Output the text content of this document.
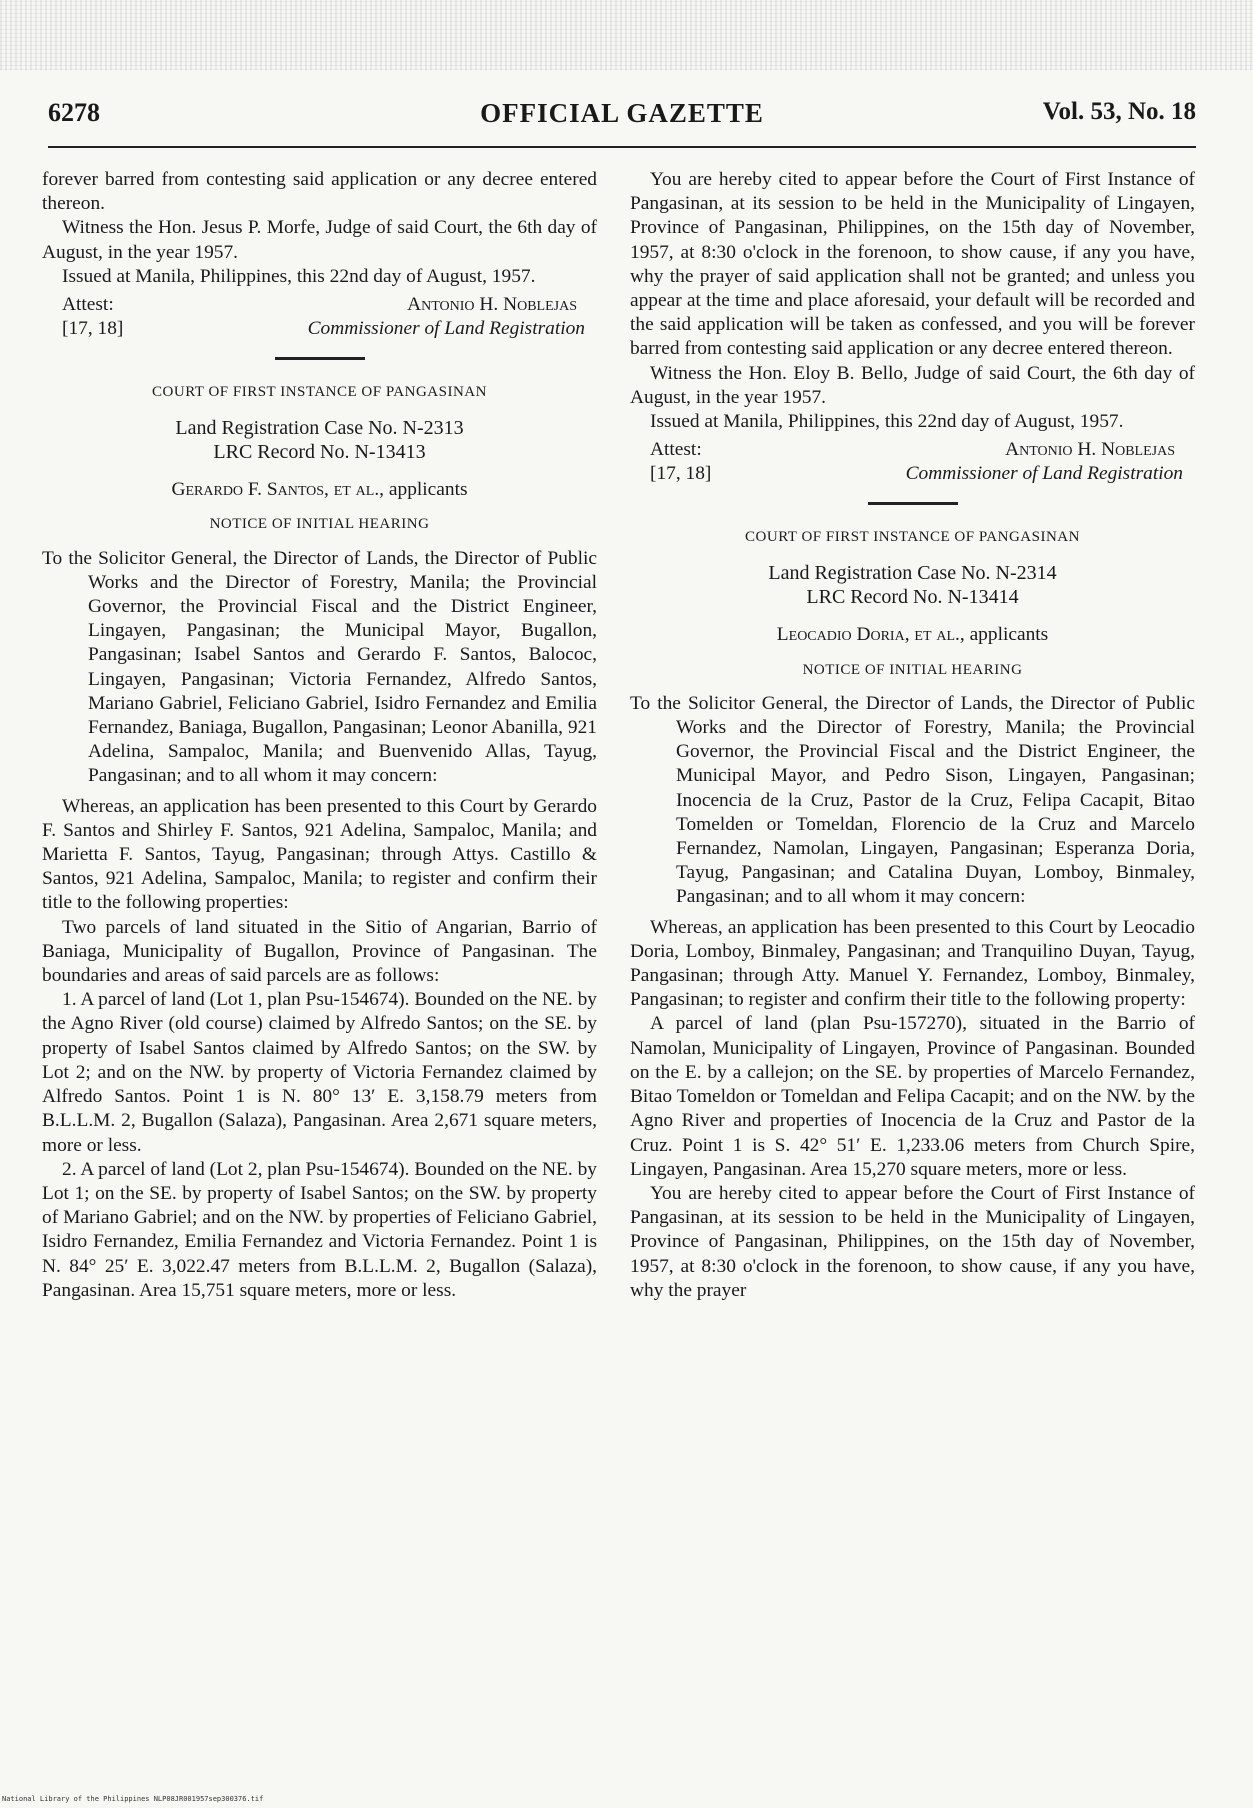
6278	OFFICIAL GAZETTE	Vol. 53, No. 18

forever barred from contesting said application or any decree entered thereon.

Witness the Hon. Jesus P. Morfe, Judge of said Court, the 6th day of August, in the year 1957.

Issued at Manila, Philippines, this 22nd day of August, 1957.

Attest:
[17, 18]
Antonio H. Noblejas
Commissioner of Land Registration
COURT OF FIRST INSTANCE OF PANGASINAN
Land Registration Case No. N-2313
LRC Record No. N-13413
Gerardo F. Santos, et al., applicants
NOTICE OF INITIAL HEARING

To the Solicitor General, the Director of Lands, the Director of Public Works and the Director of Forestry, Manila; the Provincial Governor, the Provincial Fiscal and the District Engineer, Lingayen, Pangasinan; the Municipal Mayor, Bugallon, Pangasinan; Isabel Santos and Gerardo F. Santos, Balococ, Lingayen, Pangasinan; Victoria Fernandez, Alfredo Santos, Mariano Gabriel, Feliciano Gabriel, Isidro Fernandez and Emilia Fernandez, Baniaga, Bugallon, Pangasinan; Leonor Abanilla, 921 Adelina, Sampaloc, Manila; and Buenvenido Allas, Tayug, Pangasinan; and to all whom it may concern:

Whereas, an application has been presented to this Court by Gerardo F. Santos and Shirley F. Santos, 921 Adelina, Sampaloc, Manila; and Marietta F. Santos, Tayug, Pangasinan; through Attys. Castillo & Santos, 921 Adelina, Sampaloc, Manila; to register and confirm their title to the following properties:

Two parcels of land situated in the Sitio of Angarian, Barrio of Baniaga, Municipality of Bugallon, Province of Pangasinan. The boundaries and areas of said parcels are as follows:

1. A parcel of land (Lot 1, plan Psu-154674). Bounded on the NE. by the Agno River (old course) claimed by Alfredo Santos; on the SE. by property of Isabel Santos claimed by Alfredo Santos; on the SW. by Lot 2; and on the NW. by property of Victoria Fernandez claimed by Alfredo Santos. Point 1 is N. 80° 13′ E. 3,158.79 meters from B.L.L.M. 2, Bugallon (Salaza), Pangasinan. Area 2,671 square meters, more or less.

2. A parcel of land (Lot 2, plan Psu-154674). Bounded on the NE. by Lot 1; on the SE. by property of Isabel Santos; on the SW. by property of Mariano Gabriel; and on the NW. by properties of Feliciano Gabriel, Isidro Fernandez, Emilia Fernandez and Victoria Fernandez. Point 1 is N. 84° 25′ E. 3,022.47 meters from B.L.L.M. 2, Bugallon (Salaza), Pangasinan. Area 15,751 square meters, more or less.

You are hereby cited to appear before the Court of First Instance of Pangasinan, at its session to be held in the Municipality of Lingayen, Province of Pangasinan, Philippines, on the 15th day of November, 1957, at 8:30 o'clock in the forenoon, to show cause, if any you have, why the prayer of said application shall not be granted; and unless you appear at the time and place aforesaid, your default will be recorded and the said application will be taken as confessed, and you will be forever barred from contesting said application or any decree entered thereon.

Witness the Hon. Eloy B. Bello, Judge of said Court, the 6th day of August, in the year 1957.

Issued at Manila, Philippines, this 22nd day of August, 1957.

Attest:
[17, 18]
Antonio H. Noblejas
Commissioner of Land Registration
COURT OF FIRST INSTANCE OF PANGASINAN
Land Registration Case No. N-2314
LRC Record No. N-13414
Leocadio Doria, et al., applicants
NOTICE OF INITIAL HEARING

To the Solicitor General, the Director of Lands, the Director of Public Works and the Director of Forestry, Manila; the Provincial Governor, the Provincial Fiscal and the District Engineer, the Municipal Mayor, and Pedro Sison, Lingayen, Pangasinan; Inocencia de la Cruz, Pastor de la Cruz, Felipa Cacapit, Bitao Tomelden or Tomeldan, Florencio de la Cruz and Marcelo Fernandez, Namolan, Lingayen, Pangasinan; Esperanza Doria, Tayug, Pangasinan; and Catalina Duyan, Lomboy, Binmaley, Pangasinan; and to all whom it may concern:

Whereas, an application has been presented to this Court by Leocadio Doria, Lomboy, Binmaley, Pangasinan; and Tranquilino Duyan, Tayug, Pangasinan; through Atty. Manuel Y. Fernandez, Lomboy, Binmaley, Pangasinan; to register and confirm their title to the following property:

A parcel of land (plan Psu-157270), situated in the Barrio of Namolan, Municipality of Lingayen, Province of Pangasinan. Bounded on the E. by a callejon; on the SE. by properties of Marcelo Fernandez, Bitao Tomeldon or Tomeldan and Felipa Cacapit; and on the NW. by the Agno River and properties of Inocencia de la Cruz and Pastor de la Cruz. Point 1 is S. 42° 51′ E. 1,233.06 meters from Church Spire, Lingayen, Pangasinan. Area 15,270 square meters, more or less.

You are hereby cited to appear before the Court of First Instance of Pangasinan, at its session to be held in the Municipality of Lingayen, Province of Pangasinan, Philippines, on the 15th day of November, 1957, at 8:30 o'clock in the forenoon, to show cause, if any you have, why the prayer

National Library of the Philippines NLP08JR001957sep300376.tif
